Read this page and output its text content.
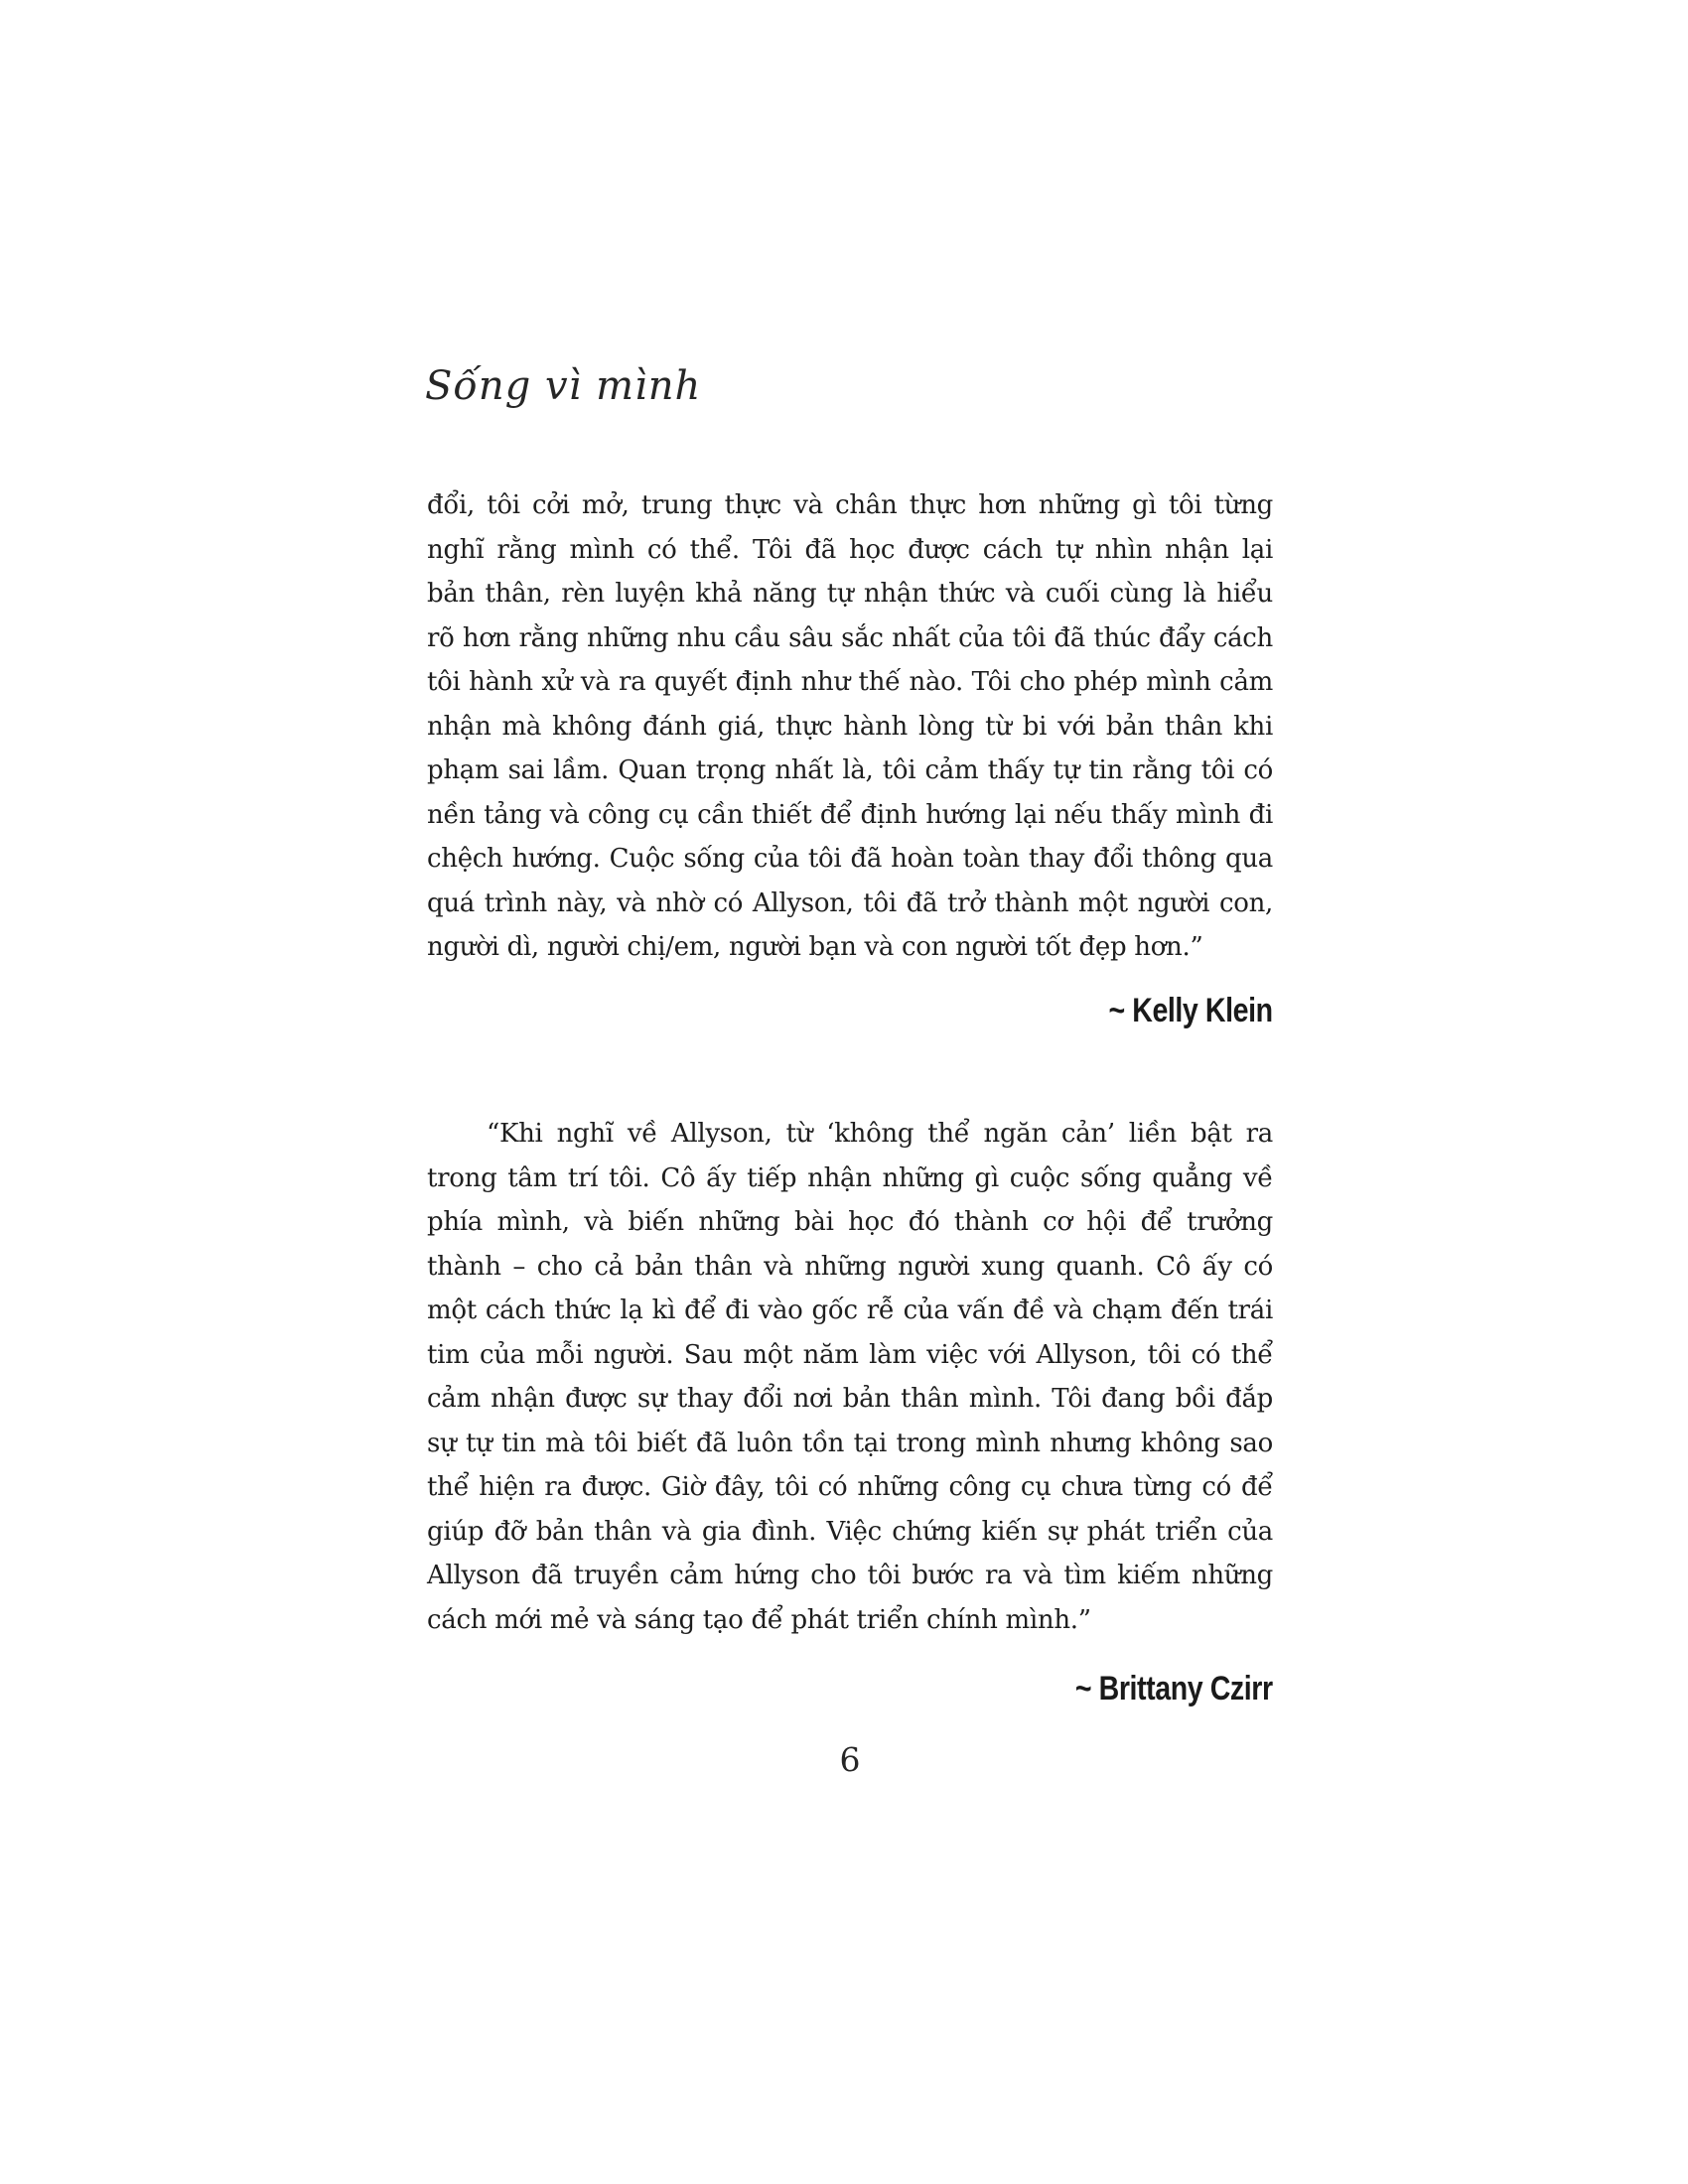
Sống vì mình
đổi, tôi cởi mở, trung thực và chân thực hơn những gì tôi từng
nghĩ rằng mình có thể. Tôi đã học được cách tự nhìn nhận lại
bản thân, rèn luyện khả năng tự nhận thức và cuối cùng là hiểu
rõ hơn rằng những nhu cầu sâu sắc nhất của tôi đã thúc đẩy cách
tôi hành xử và ra quyết định như thế nào. Tôi cho phép mình cảm
nhận mà không đánh giá, thực hành lòng từ bi với bản thân khi
phạm sai lầm. Quan trọng nhất là, tôi cảm thấy tự tin rằng tôi có
nền tảng và công cụ cần thiết để định hướng lại nếu thấy mình đi
chệch hướng. Cuộc sống của tôi đã hoàn toàn thay đổi thông qua
quá trình này, và nhờ có Allyson, tôi đã trở thành một người con,
người dì, người chị/em, người bạn và con người tốt đẹp hơn.”
~ Kelly Klein
“Khi nghĩ về Allyson, từ ‘không thể ngăn cản’ liền bật ra
trong tâm trí tôi. Cô ấy tiếp nhận những gì cuộc sống quẳng về
phía mình, và biến những bài học đó thành cơ hội để trưởng
thành – cho cả bản thân và những người xung quanh. Cô ấy có
một cách thức lạ kì để đi vào gốc rễ của vấn đề và chạm đến trái
tim của mỗi người. Sau một năm làm việc với Allyson, tôi có thể
cảm nhận được sự thay đổi nơi bản thân mình. Tôi đang bồi đắp
sự tự tin mà tôi biết đã luôn tồn tại trong mình nhưng không sao
thể hiện ra được. Giờ đây, tôi có những công cụ chưa từng có để
giúp đỡ bản thân và gia đình. Việc chứng kiến sự phát triển của
Allyson đã truyền cảm hứng cho tôi bước ra và tìm kiếm những
cách mới mẻ và sáng tạo để phát triển chính mình.”
~ Brittany Czirr
6
